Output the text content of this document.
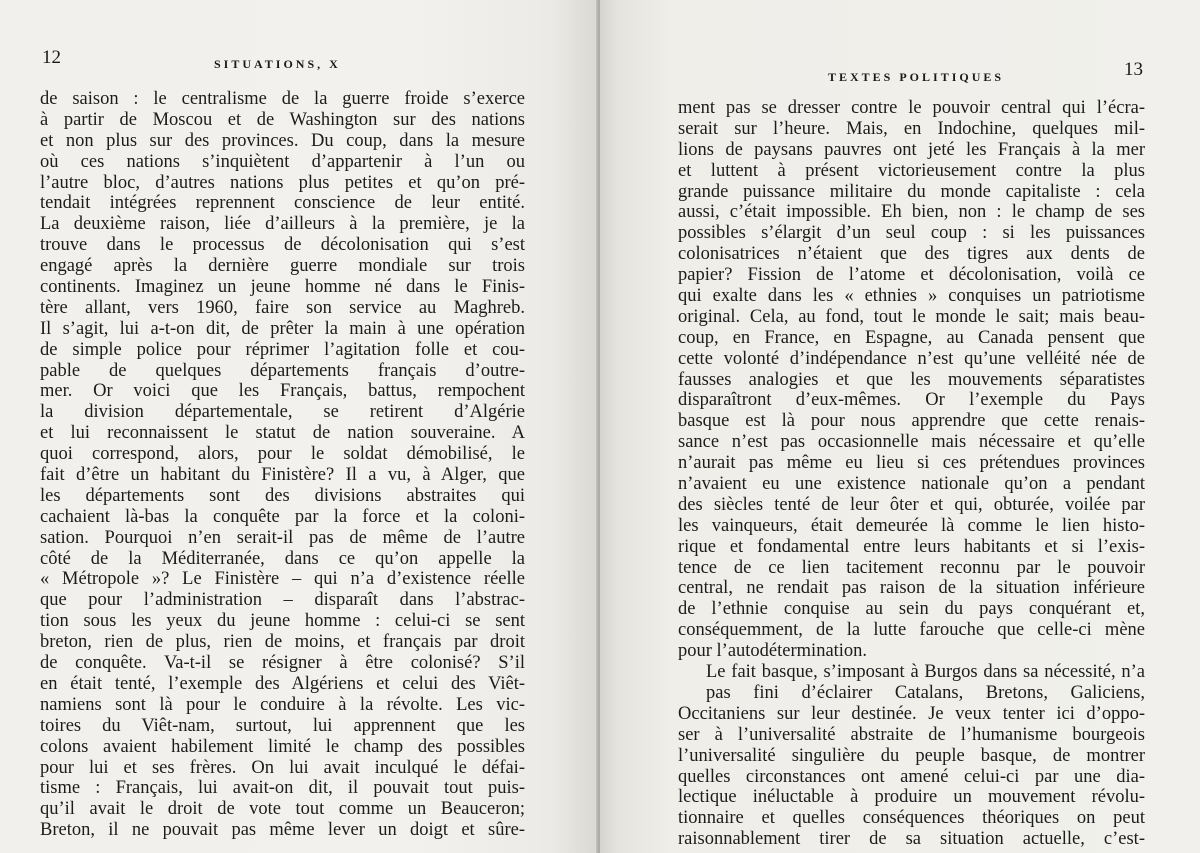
12	SITUATIONS, X
de saison : le centralisme de la guerre froide s’exerce
à partir de Moscou et de Washington sur des nations
et non plus sur des provinces. Du coup, dans la mesure
où ces nations s’inquiètent d’appartenir à l’un ou
l’autre bloc, d’autres nations plus petites et qu’on pré-
tendait intégrées reprennent conscience de leur entité.
La deuxième raison, liée d’ailleurs à la première, je la
trouve dans le processus de décolonisation qui s’est
engagé après la dernière guerre mondiale sur trois
continents. Imaginez un jeune homme né dans le Finis-
tère allant, vers 1960, faire son service au Maghreb.
Il s’agit, lui a-t-on dit, de prêter la main à une opération
de simple police pour réprimer l’agitation folle et cou-
pable de quelques départements français d’outre-
mer. Or voici que les Français, battus, rempochent
la division départementale, se retirent d’Algérie
et lui reconnaissent le statut de nation souveraine. A
quoi correspond, alors, pour le soldat démobilisé, le
fait d’être un habitant du Finistère? Il a vu, à Alger, que
les départements sont des divisions abstraites qui
cachaient là-bas la conquête par la force et la coloni-
sation. Pourquoi n’en serait-il pas de même de l’autre
côté de la Méditerranée, dans ce qu’on appelle la
« Métropole »? Le Finistère – qui n’a d’existence réelle
que pour l’administration – disparaît dans l’abstrac-
tion sous les yeux du jeune homme : celui-ci se sent
breton, rien de plus, rien de moins, et français par droit
de conquête. Va-t-il se résigner à être colonisé? S’il
en était tenté, l’exemple des Algériens et celui des Viêt-
namiens sont là pour le conduire à la révolte. Les vic-
toires du Viêt-nam, surtout, lui apprennent que les
colons avaient habilement limité le champ des possibles
pour lui et ses frères. On lui avait inculqué le défai-
tisme : Français, lui avait-on dit, il pouvait tout puis-
qu’il avait le droit de vote tout comme un Beauceron;
Breton, il ne pouvait pas même lever un doigt et sûre-
13
TEXTES POLITIQUES
ment pas se dresser contre le pouvoir central qui l’écra-
serait sur l’heure. Mais, en Indochine, quelques mil-
lions de paysans pauvres ont jeté les Français à la mer
et luttent à présent victorieusement contre la plus
grande puissance militaire du monde capitaliste : cela
aussi, c’était impossible. Eh bien, non : le champ de ses
possibles s’élargit d’un seul coup : si les puissances
colonisatrices n’étaient que des tigres aux dents de
papier? Fission de l’atome et décolonisation, voilà ce
qui exalte dans les « ethnies » conquises un patriotisme
original. Cela, au fond, tout le monde le sait; mais beau-
coup, en France, en Espagne, au Canada pensent que
cette volonté d’indépendance n’est qu’une velléité née de
fausses analogies et que les mouvements séparatistes
disparaîtront d’eux-mêmes. Or l’exemple du Pays
basque est là pour nous apprendre que cette renais-
sance n’est pas occasionnelle mais nécessaire et qu’elle
n’aurait pas même eu lieu si ces prétendues provinces
n’avaient eu une existence nationale qu’on a pendant
des siècles tenté de leur ôter et qui, obturée, voilée par
les vainqueurs, était demeurée là comme le lien histo-
rique et fondamental entre leurs habitants et si l’exis-
tence de ce lien tacitement reconnu par le pouvoir
central, ne rendait pas raison de la situation inférieure
de l’ethnie conquise au sein du pays conquérant et,
conséquemment, de la lutte farouche que celle-ci mène
pour l’autodétermination.
Le fait basque, s’imposant à Burgos dans sa nécessité, n’a pas fini d’éclairer Catalans, Bretons, Galiciens,
Occitaniens sur leur destinée. Je veux tenter ici d’oppo-
ser à l’universalité abstraite de l’humanisme bourgeois
l’universalité singulière du peuple basque, de montrer
quelles circonstances ont amené celui-ci par une dia-
lectique inéluctable à produire un mouvement révolu-
tionnaire et quelles conséquences théoriques on peut
raisonnablement tirer de sa situation actuelle, c’est-
